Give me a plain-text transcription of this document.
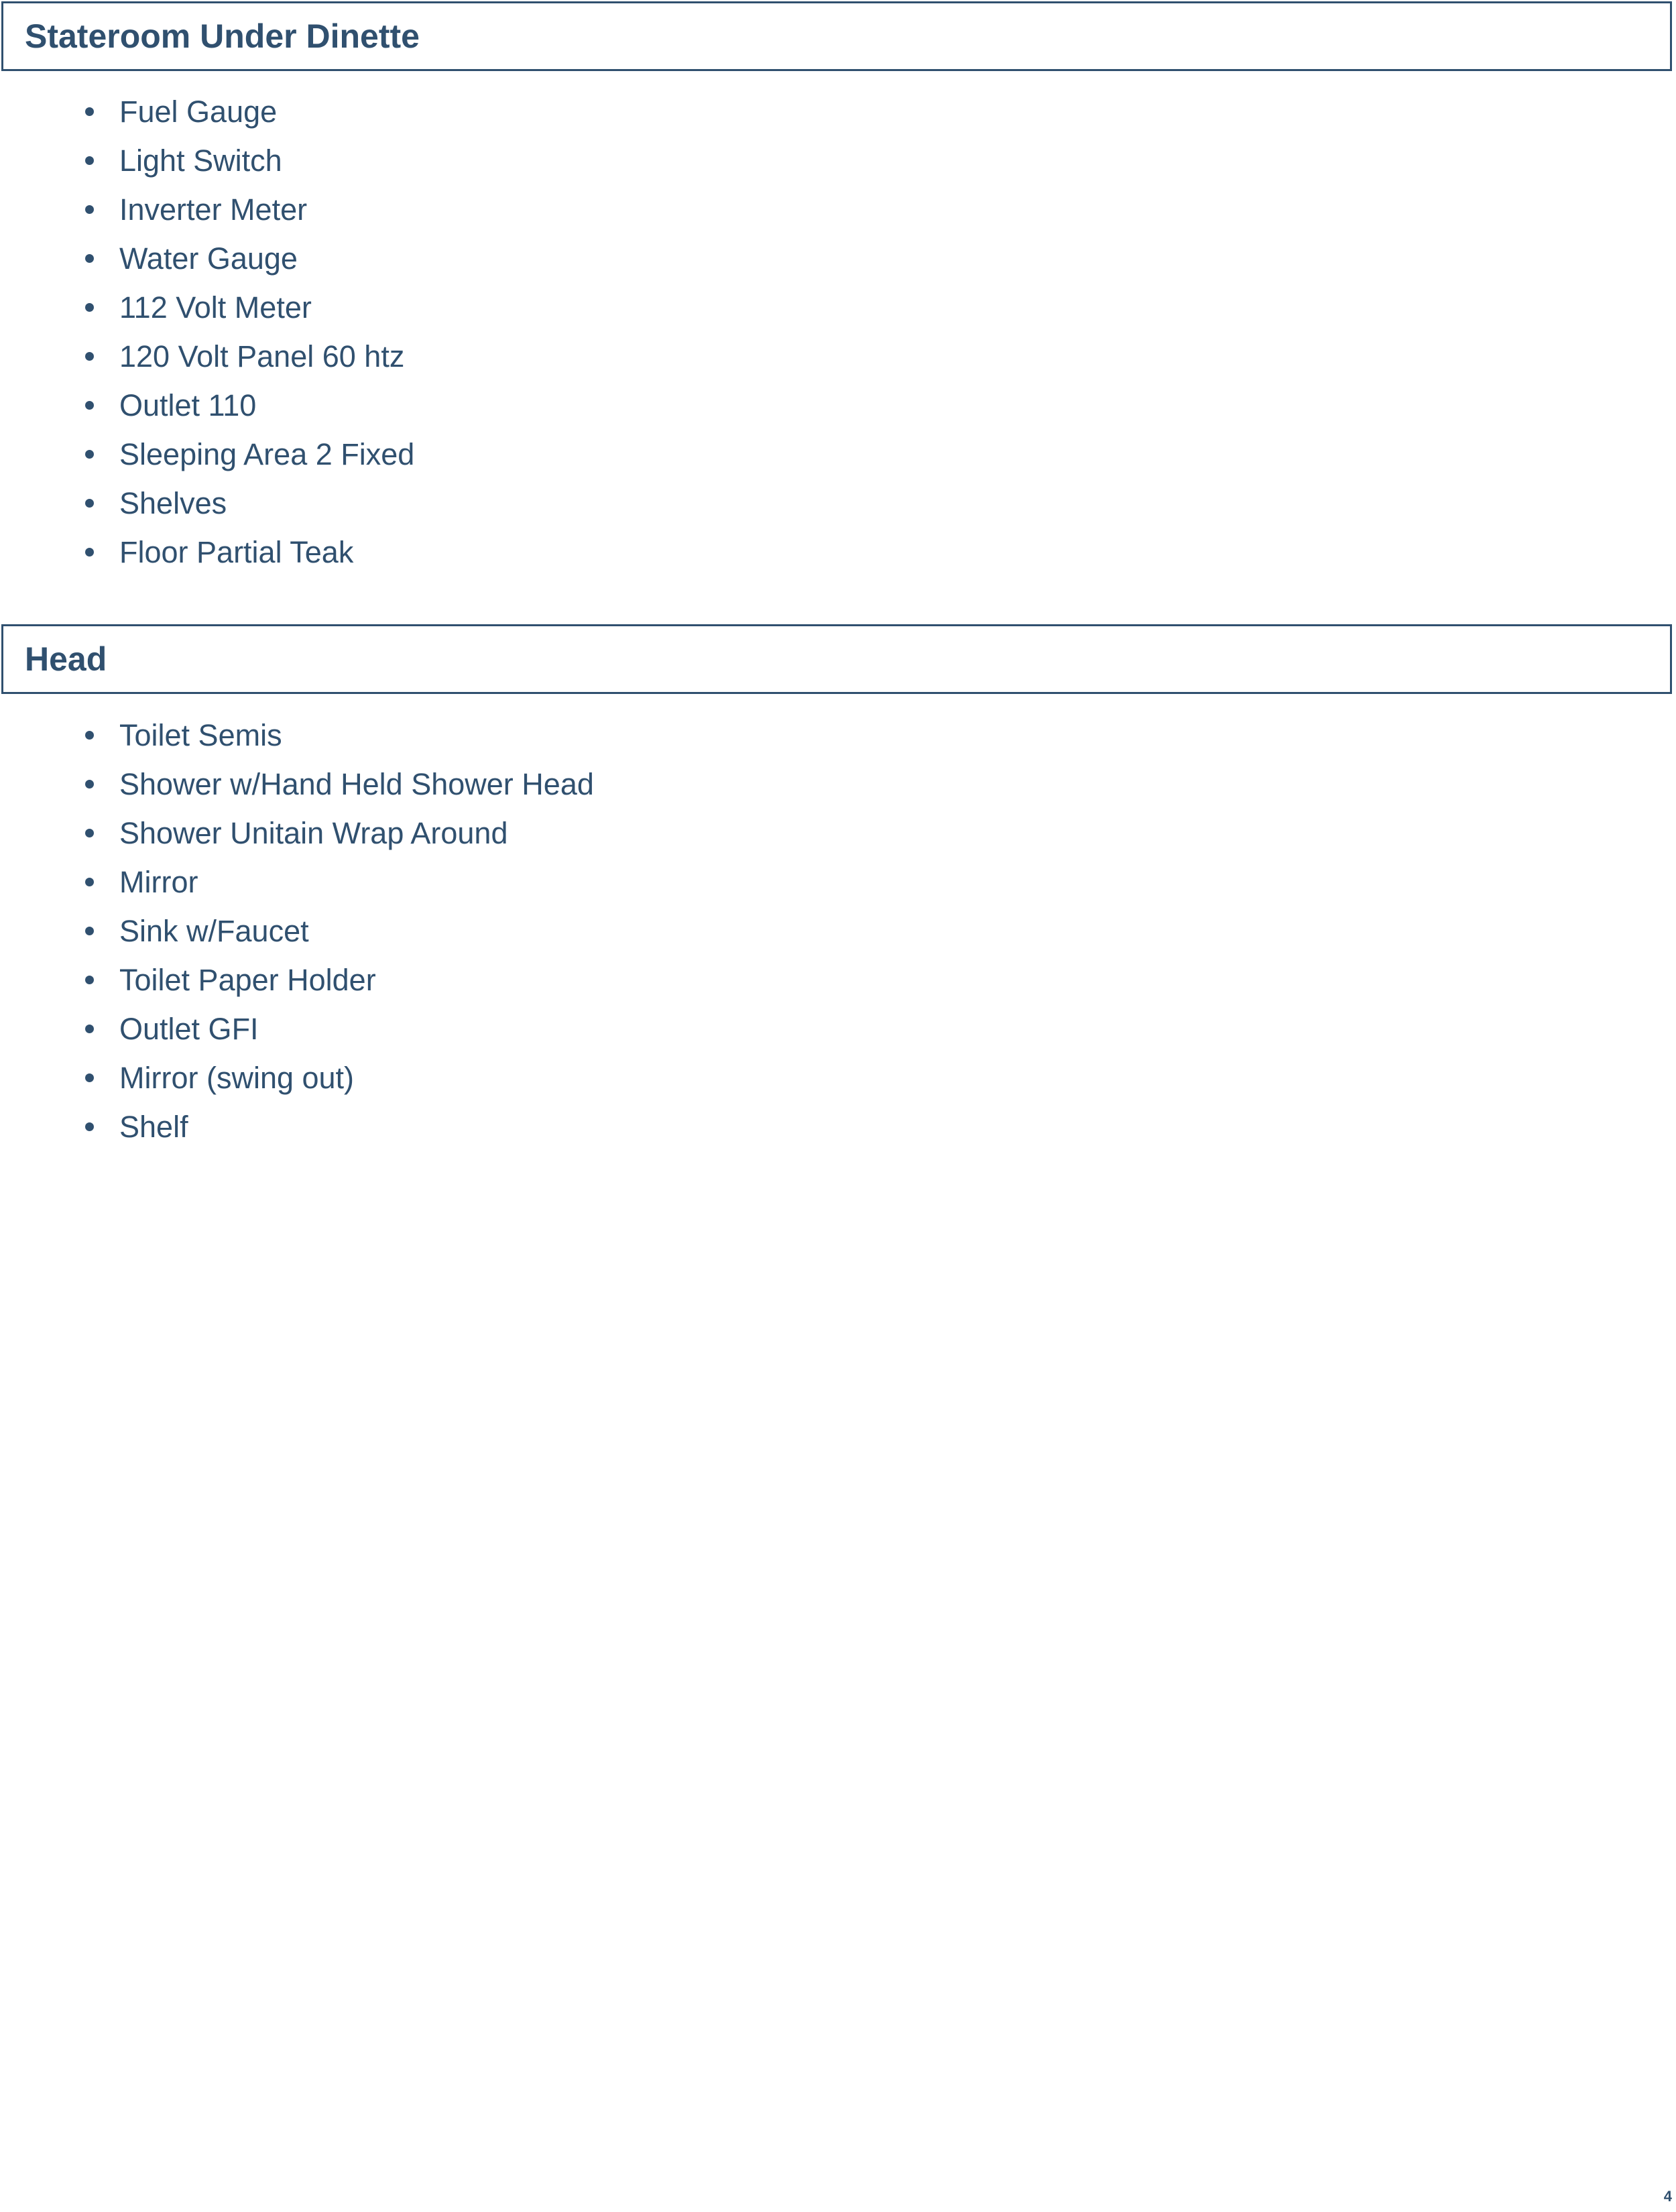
Stateroom Under Dinette
Fuel Gauge
Light Switch
Inverter Meter
Water Gauge
112 Volt Meter
120 Volt Panel 60 htz
Outlet 110
Sleeping Area 2 Fixed
Shelves
Floor Partial Teak
Head
Toilet Semis
Shower w/Hand Held Shower Head
Shower Unitain Wrap Around
Mirror
Sink w/Faucet
Toilet Paper Holder
Outlet GFI
Mirror (swing out)
Shelf
4
